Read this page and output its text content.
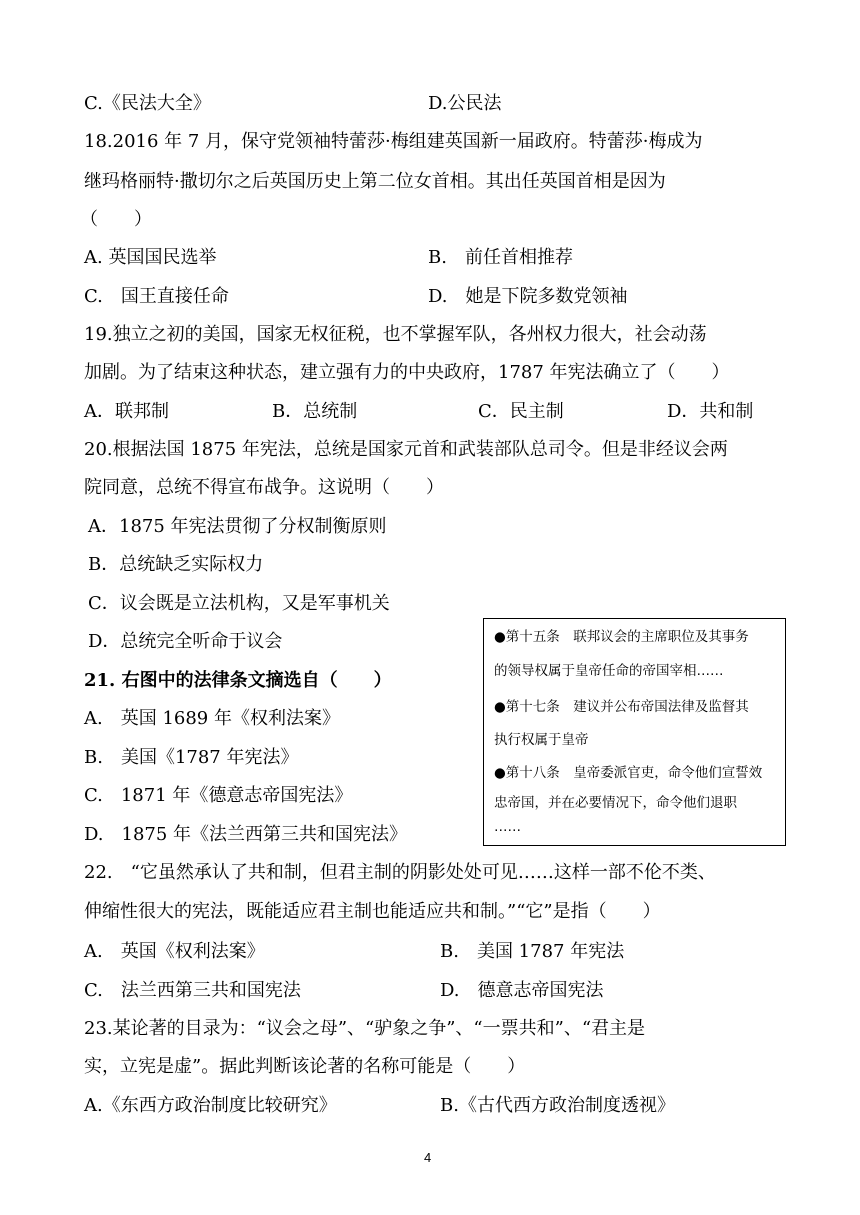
C.《民法大全》	D.公民法
18.2016 年 7 月，保守党领袖特蕾莎·梅组建英国新一届政府。特蕾莎·梅成为
继玛格丽特·撒切尔之后英国历史上第二位女首相。其出任英国首相是因为
（　　）
A. 英国国民选举	B.　前任首相推荐
C.　国王直接任命	D.　她是下院多数党领袖
19.独立之初的美国，国家无权征税，也不掌握军队，各州权力很大，社会动荡
加剧。为了结束这种状态，建立强有力的中央政府，1787 年宪法确立了（　　）
A．联邦制	B．总统制	C．民主制	D．共和制
20.根据法国 1875 年宪法，总统是国家元首和武装部队总司令。但是非经议会两
院同意，总统不得宣布战争。这说明（　　）
A．1875 年宪法贯彻了分权制衡原则
B．总统缺乏实际权力
C．议会既是立法机构，又是军事机关
D．总统完全听命于议会
21. 右图中的法律条文摘选自（　　）
A.　英国 1689 年《权利法案》
B.　美国《1787 年宪法》
C.　1871 年《德意志帝国宪法》
D.　1875 年《法兰西第三共和国宪法》
●第十五条　联邦议会的主席职位及其事务
的领导权属于皇帝任命的帝国宰相……
●第十七条　建议并公布帝国法律及监督其
执行权属于皇帝
●第十八条　皇帝委派官吏，命令他们宣誓效
忠帝国，并在必要情况下，命令他们退职
……
22.　“它虽然承认了共和制，但君主制的阴影处处可见……这样一部不伦不类、
伸缩性很大的宪法，既能适应君主制也能适应共和制。”“它”是指（　　）
A.　英国《权利法案》	B.　美国 1787 年宪法
C.　法兰西第三共和国宪法	D.　德意志帝国宪法
23.某论著的目录为：“议会之母”、“驴象之争”、“一票共和”、“君主是
实，立宪是虚”。据此判断该论著的名称可能是（　　）
A.《东西方政治制度比较研究》	B.《古代西方政治制度透视》
4
